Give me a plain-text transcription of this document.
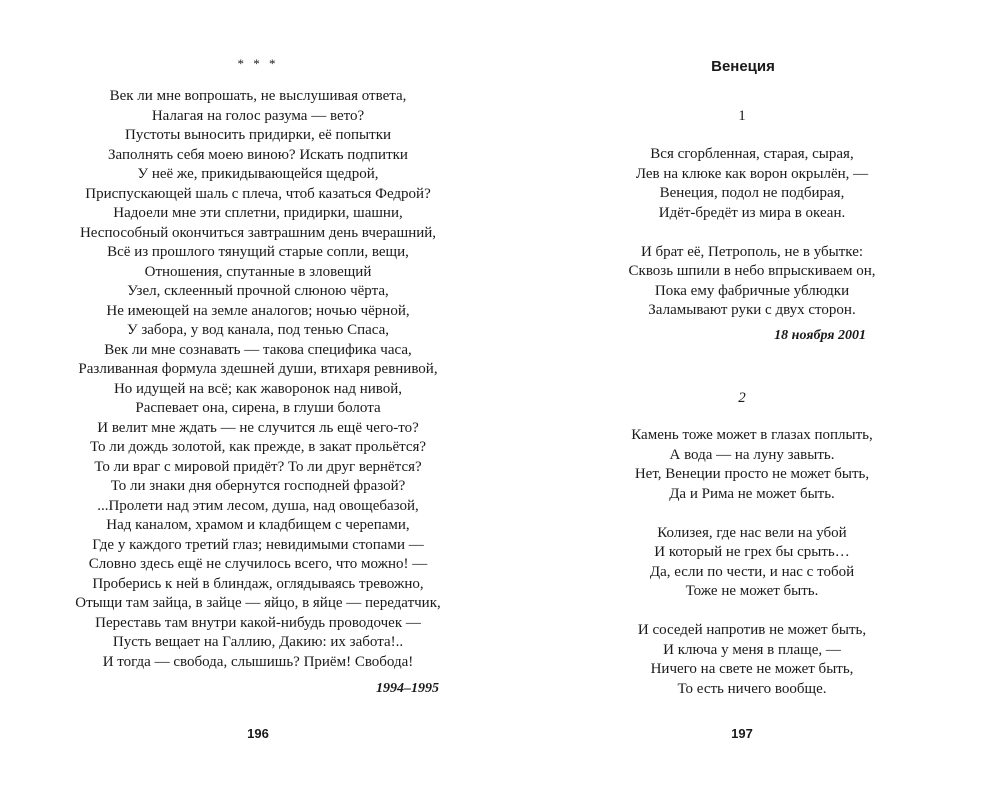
* * *
Век ли мне вопрошать, не выслушивая ответа,
Налагая на голос разума — вето?
Пустоты выносить придирки, её попытки
Заполнять себя моею виною? Искать подпитки
У неё же, прикидывающейся щедрой,
Приспускающей шаль с плеча, чтоб казаться Федрой?
Надоели мне эти сплетни, придирки, шашни,
Неспособный окончиться завтрашним день вчерашний,
Всё из прошлого тянущий старые сопли, вещи,
Отношения, спутанные в зловещий
Узел, склеенный прочной слюною чёрта,
Не имеющей на земле аналогов; ночью чёрной,
У забора, у вод канала, под тенью Спаса,
Век ли мне сознавать — такова специфика часа,
Разливанная формула здешней души, втихаря ревнивой,
Но идущей на всё; как жаворонок над нивой,
Распевает она, сирена, в глуши болота
И велит мне ждать — не случится ль ещё чего-то?
То ли дождь золотой, как прежде, в закат прольётся?
То ли враг с мировой придёт? То ли друг вернётся?
То ли знаки дня обернутся господней фразой?
...Пролети над этим лесом, душа, над овощебазой,
Над каналом, храмом и кладбищем с черепами,
Где у каждого третий глаз; невидимыми стопами —
Словно здесь ещё не случилось всего, что можно! —
Проберись к ней в блиндаж, оглядываясь тревожно,
Отыщи там зайца, в зайце — яйцо, в яйце — передатчик,
Переставь там внутри какой-нибудь проводочек —
Пусть вещает на Галлию, Дакию: их забота!..
И тогда — свобода, слышишь? Приём! Свобода!
1994–1995
196
Венеция
1
Вся сгорбленная, старая, сырая,
Лев на клюке как ворон окрылён, —
Венеция, подол не подбирая,
Идёт-бредёт из мира в океан.
И брат её, Петрополь, не в убытке:
Сквозь шпили в небо впрыскиваем он,
Пока ему фабричные ублюдки
Заламывают руки с двух сторон.
18 ноября 2001
2
Камень тоже может в глазах поплыть,
А вода — на луну завыть.
Нет, Венеции просто не может быть,
Да и Рима не может быть.
Колизея, где нас вели на убой
И который не грех бы срыть…
Да, если по чести, и нас с тобой
Тоже не может быть.
И соседей напротив не может быть,
И ключа у меня в плаще, —
Ничего на свете не может быть,
То есть ничего вообще.
197
